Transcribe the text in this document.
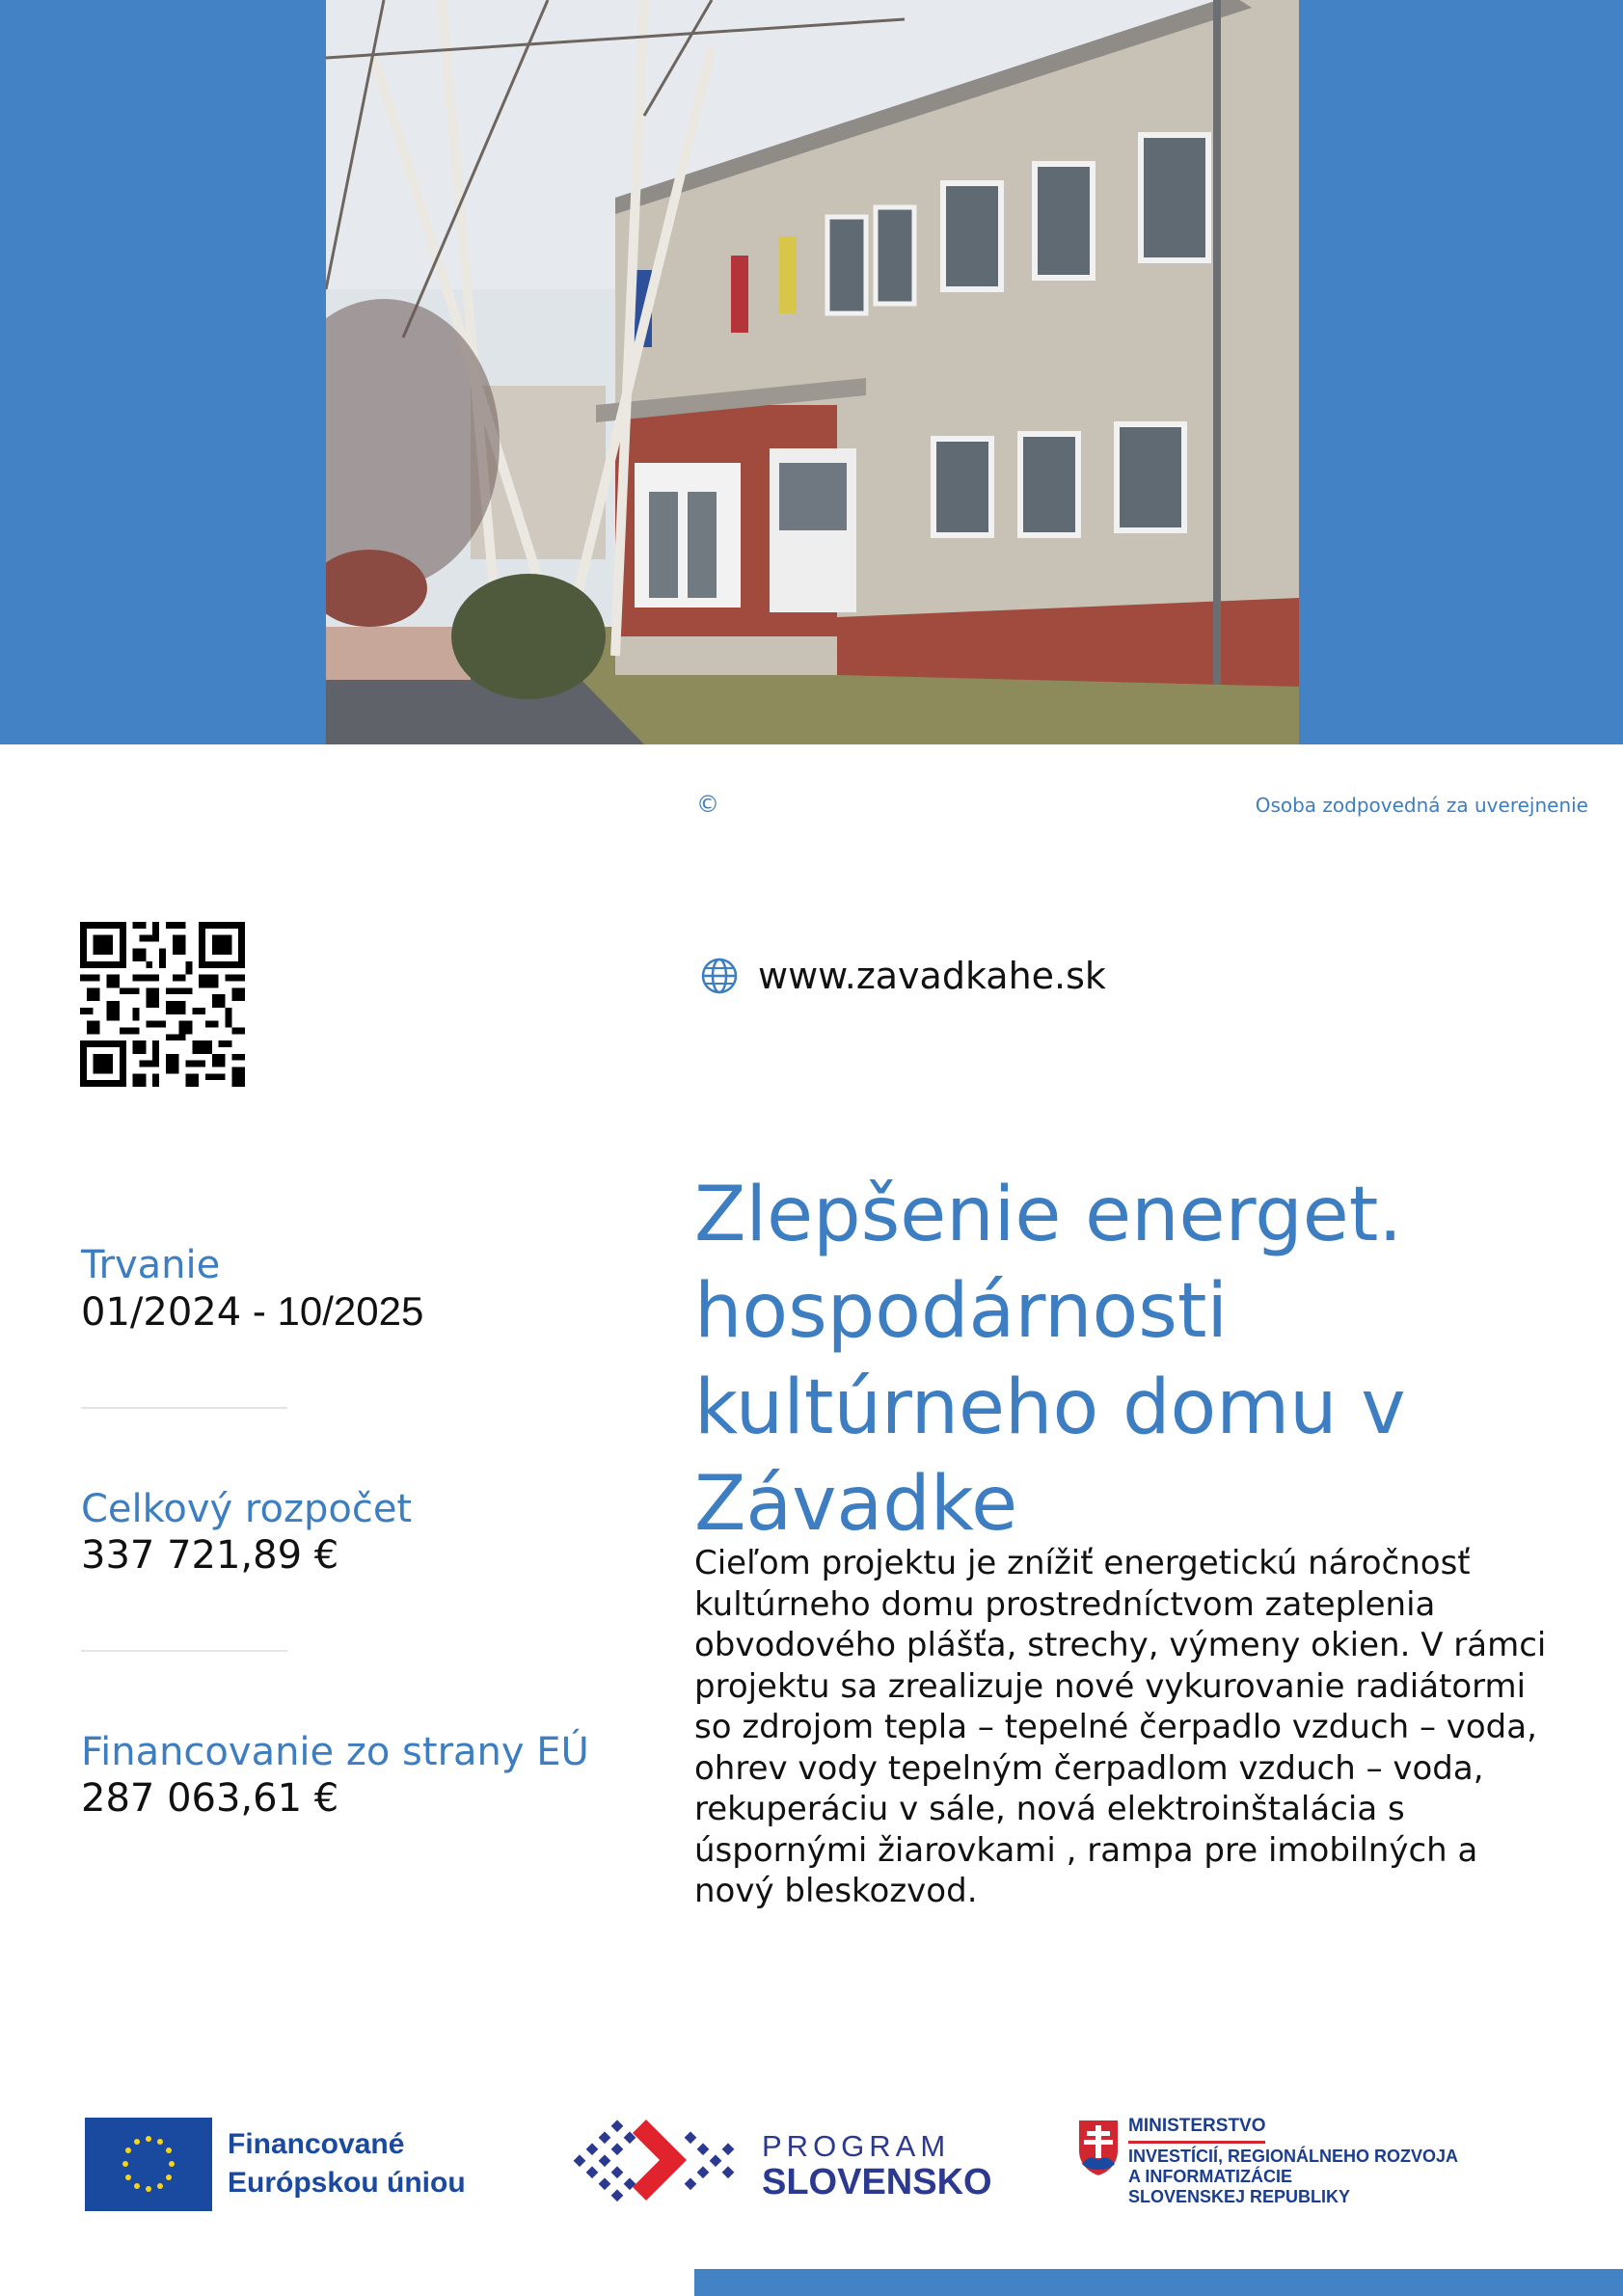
©	Osoba zodpovedná za uverejnenie
www.zavadkahe.sk
Trvanie
01/2024 - 10/2025
Celkový rozpočet
337 721,89 €
Financovanie zo strany EÚ
287 063,61 €
Zlepšenie energet.
hospodárnosti
kultúrneho domu v
Závadke
Cieľom projektu je znížiť energetickú náročnosť kultúrneho domu prostredníctvom zateplenia obvodového plášťa, strechy, výmeny okien. V rámci projektu sa zrealizuje nové vykurovanie radiátormi so zdrojom tepla – tepelné čerpadlo vzduch – voda, ohrev vody tepelným čerpadlom vzduch – voda, rekuperáciu v sále, nová elektroinštalácia s úspornými žiarovkami , rampa pre imobilných a nový bleskozvod.
Financované
Európskou úniou
PROGRAM
SLOVENSKO
MINISTERSTVO
INVESTÍCIÍ, REGIONÁLNEHO ROZVOJA
A INFORMATIZÁCIE
SLOVENSKEJ REPUBLIKY
